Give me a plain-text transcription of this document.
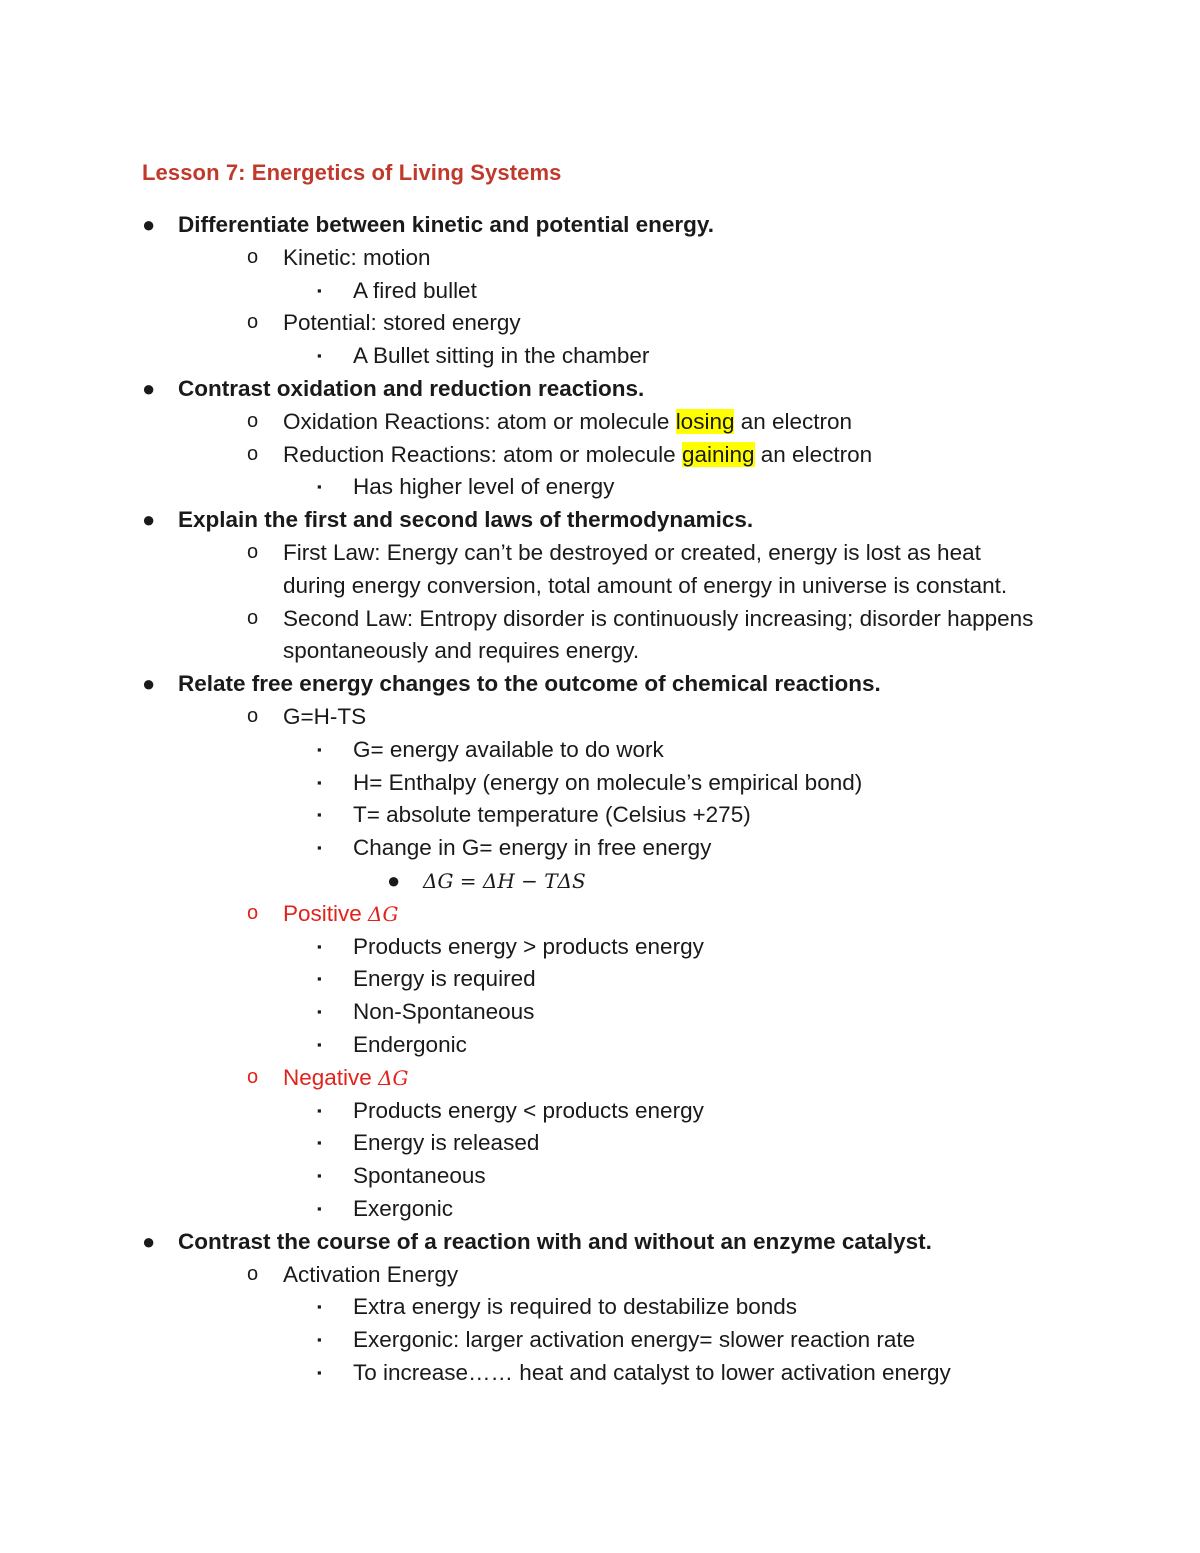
Lesson 7: Energetics of Living Systems
● Differentiate between kinetic and potential energy.
o Kinetic: motion
▪ A fired bullet
o Potential: stored energy
▪ A Bullet sitting in the chamber
● Contrast oxidation and reduction reactions.
o Oxidation Reactions: atom or molecule losing an electron
o Reduction Reactions: atom or molecule gaining an electron
▪ Has higher level of energy
● Explain the first and second laws of thermodynamics.
o First Law: Energy can’t be destroyed or created, energy is lost as heat
during energy conversion, total amount of energy in universe is constant.
o Second Law: Entropy disorder is continuously increasing; disorder happens
spontaneously and requires energy.
● Relate free energy changes to the outcome of chemical reactions.
o G=H-TS
▪ G= energy available to do work
▪ H= Enthalpy (energy on molecule’s empirical bond)
▪ T= absolute temperature (Celsius +275)
▪ Change in G= energy in free energy
● ΔG = ΔH − TΔS
o Positive ΔG
▪ Products energy > products energy
▪ Energy is required
▪ Non-Spontaneous
▪ Endergonic
o Negative ΔG
▪ Products energy < products energy
▪ Energy is released
▪ Spontaneous
▪ Exergonic
● Contrast the course of a reaction with and without an enzyme catalyst.
o Activation Energy
▪ Extra energy is required to destabilize bonds
▪ Exergonic: larger activation energy= slower reaction rate
▪ To increase…… heat and catalyst to lower activation energy
